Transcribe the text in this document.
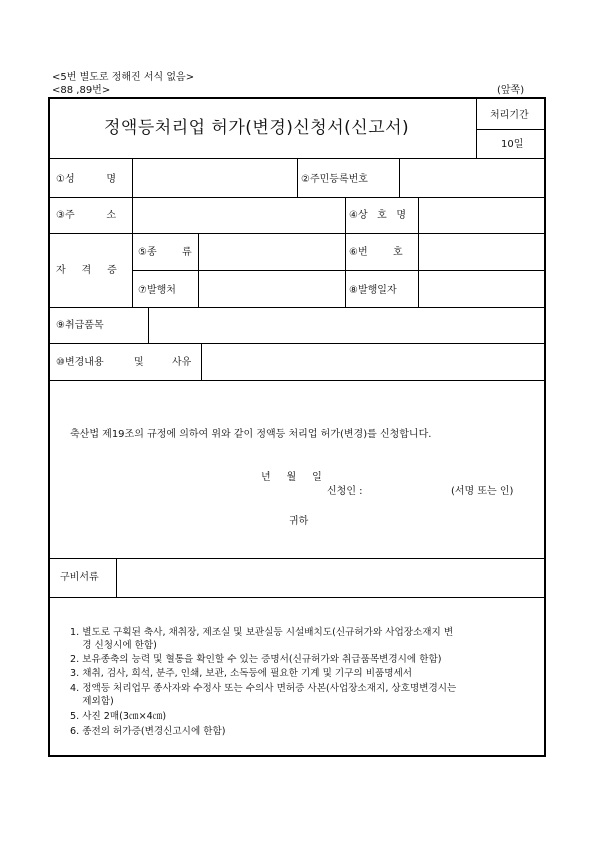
<5번 별도로 정해진 서식 없음>
<88 ,89번>	(앞쪽)
정액등처리업 허가(변경)신청서(신고서)
처리기간
10일
①성          명	②주민등록번호
③주          소	④상   호   명
자     격     증
⑤종        류	⑥번        호
⑦발행처	⑧발행일자
⑨취급품목
⑩변경내용	및	사유
축산법 제19조의 규정에 의하여 위와 같이 정액등 처리업 허가(변경)를 신청합니다.
년     월     일
신청인 :	(서명 또는 인)
귀하
구비서류
1. 별도로 구획된 축사, 채취장, 제조실 및 보관실등 시설배치도(신규허가와 사업장소재지 변
경 신청시에 한함)
2. 보유종축의 능력 및 혈통을 확인할 수 있는 증명서(신규허가와 취급품목변경시에 한함)
3. 채취, 검사, 희석, 분주, 인쇄, 보관, 소독등에 필요한 기계 및 기구의 비품명세서
4. 정액등 처리업무 종사자와 수정사 또는 수의사 면허증 사본(사업장소재지, 상호명변경시는
제외함)
5. 사진 2매(3㎝×4㎝)
6. 종전의 허가증(변경신고시에 한함)
